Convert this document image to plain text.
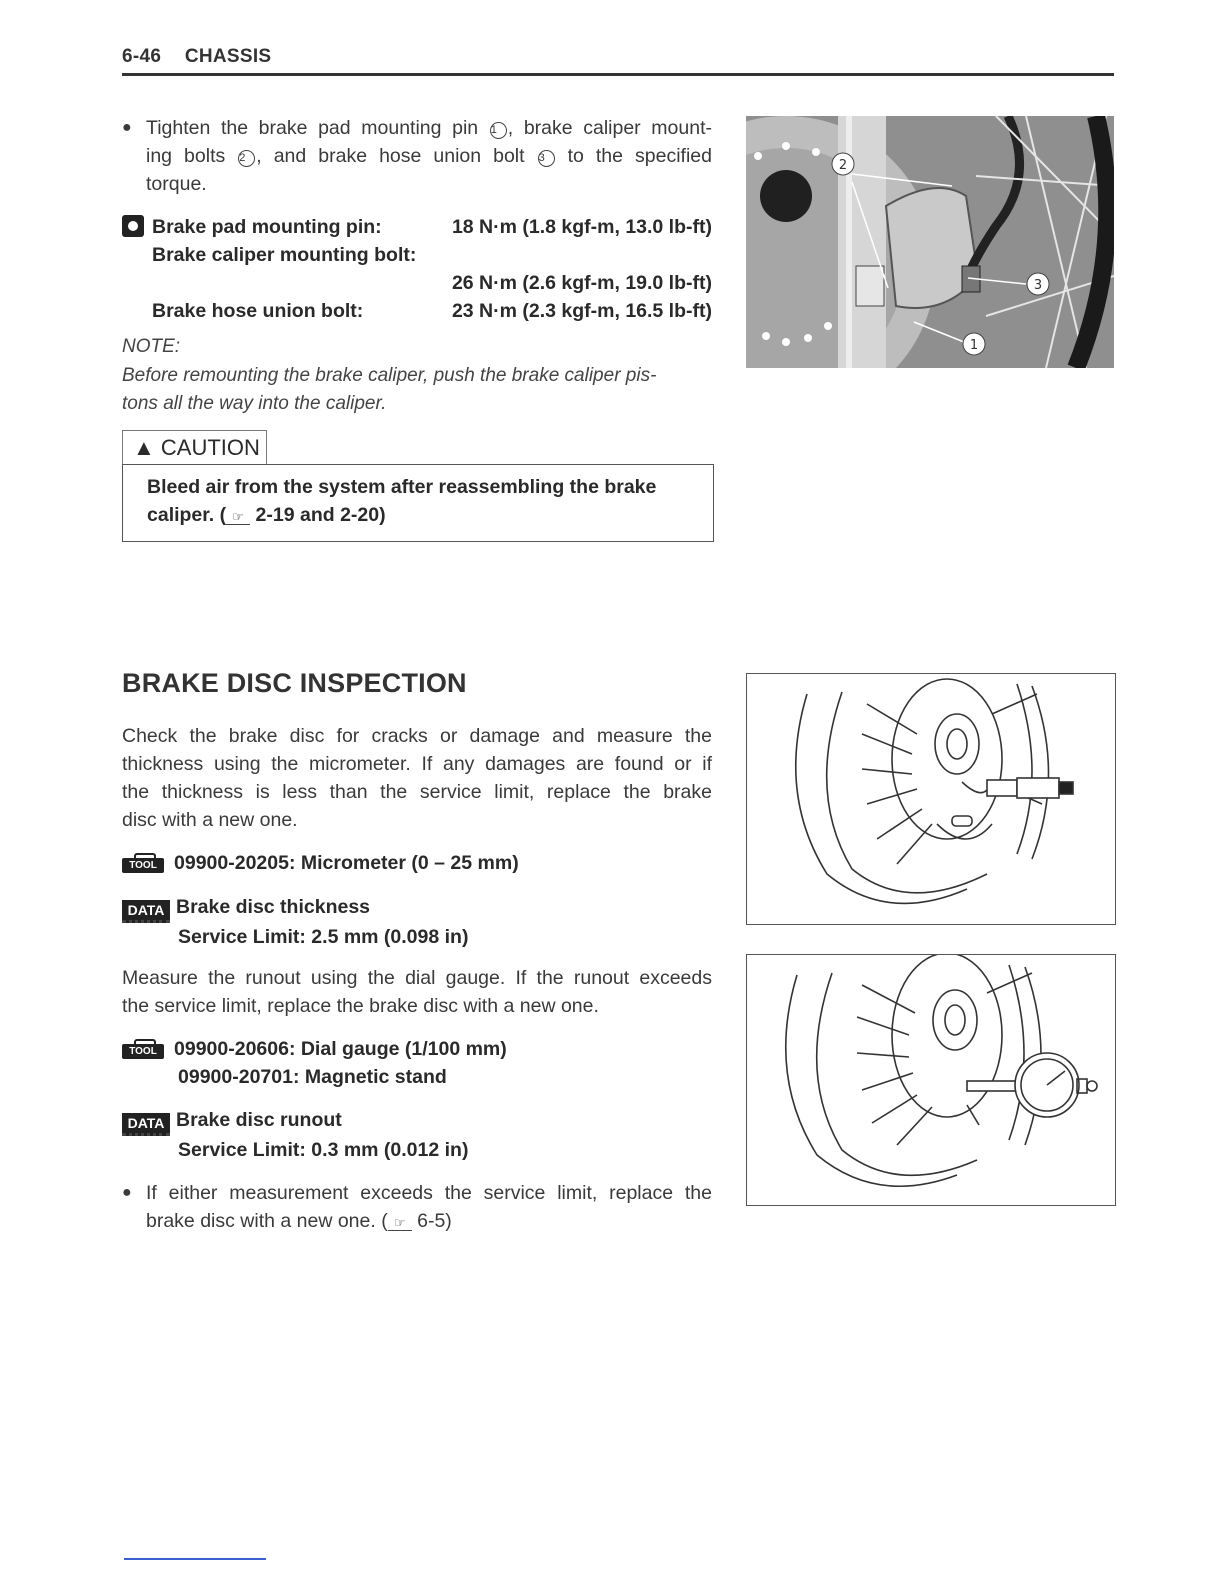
6-46 CHASSIS
● Tighten the brake pad mounting pin 1 , brake caliper mount-
ing bolts 2 , and brake hose union bolt 3 to the specified
torque.
Brake pad mounting pin:	18 N·m (1.8 kgf-m, 13.0 lb-ft)
Brake caliper mounting bolt:
26 N·m (2.6 kgf-m, 19.0 lb-ft)
Brake hose union bolt:	23 N·m (2.3 kgf-m, 16.5 lb-ft)
NOTE:
Before remounting the brake caliper, push the brake caliper pis-
tons all the way into the caliper.
▲ CAUTION
Bleed air from the system after reassembling the brake
caliper. ( ☞ 2-19 and 2-20)
2
3
1
BRAKE DISC INSPECTION
Check the brake disc for cracks or damage and measure the
thickness using the micrometer. If any damages are found or if
the thickness is less than the service limit, replace the brake
disc with a new one.
TOOL 09900-20205: Micrometer (0 – 25 mm)
DATA Brake disc thickness
Service Limit: 2.5 mm (0.098 in)
Measure the runout using the dial gauge. If the runout exceeds
the service limit, replace the brake disc with a new one.
TOOL 09900-20606: Dial gauge (1/100 mm)
09900-20701: Magnetic stand
DATA Brake disc runout
Service Limit: 0.3 mm (0.012 in)
● If either measurement exceeds the service limit, replace the
brake disc with a new one. ( ☞ 6-5)
